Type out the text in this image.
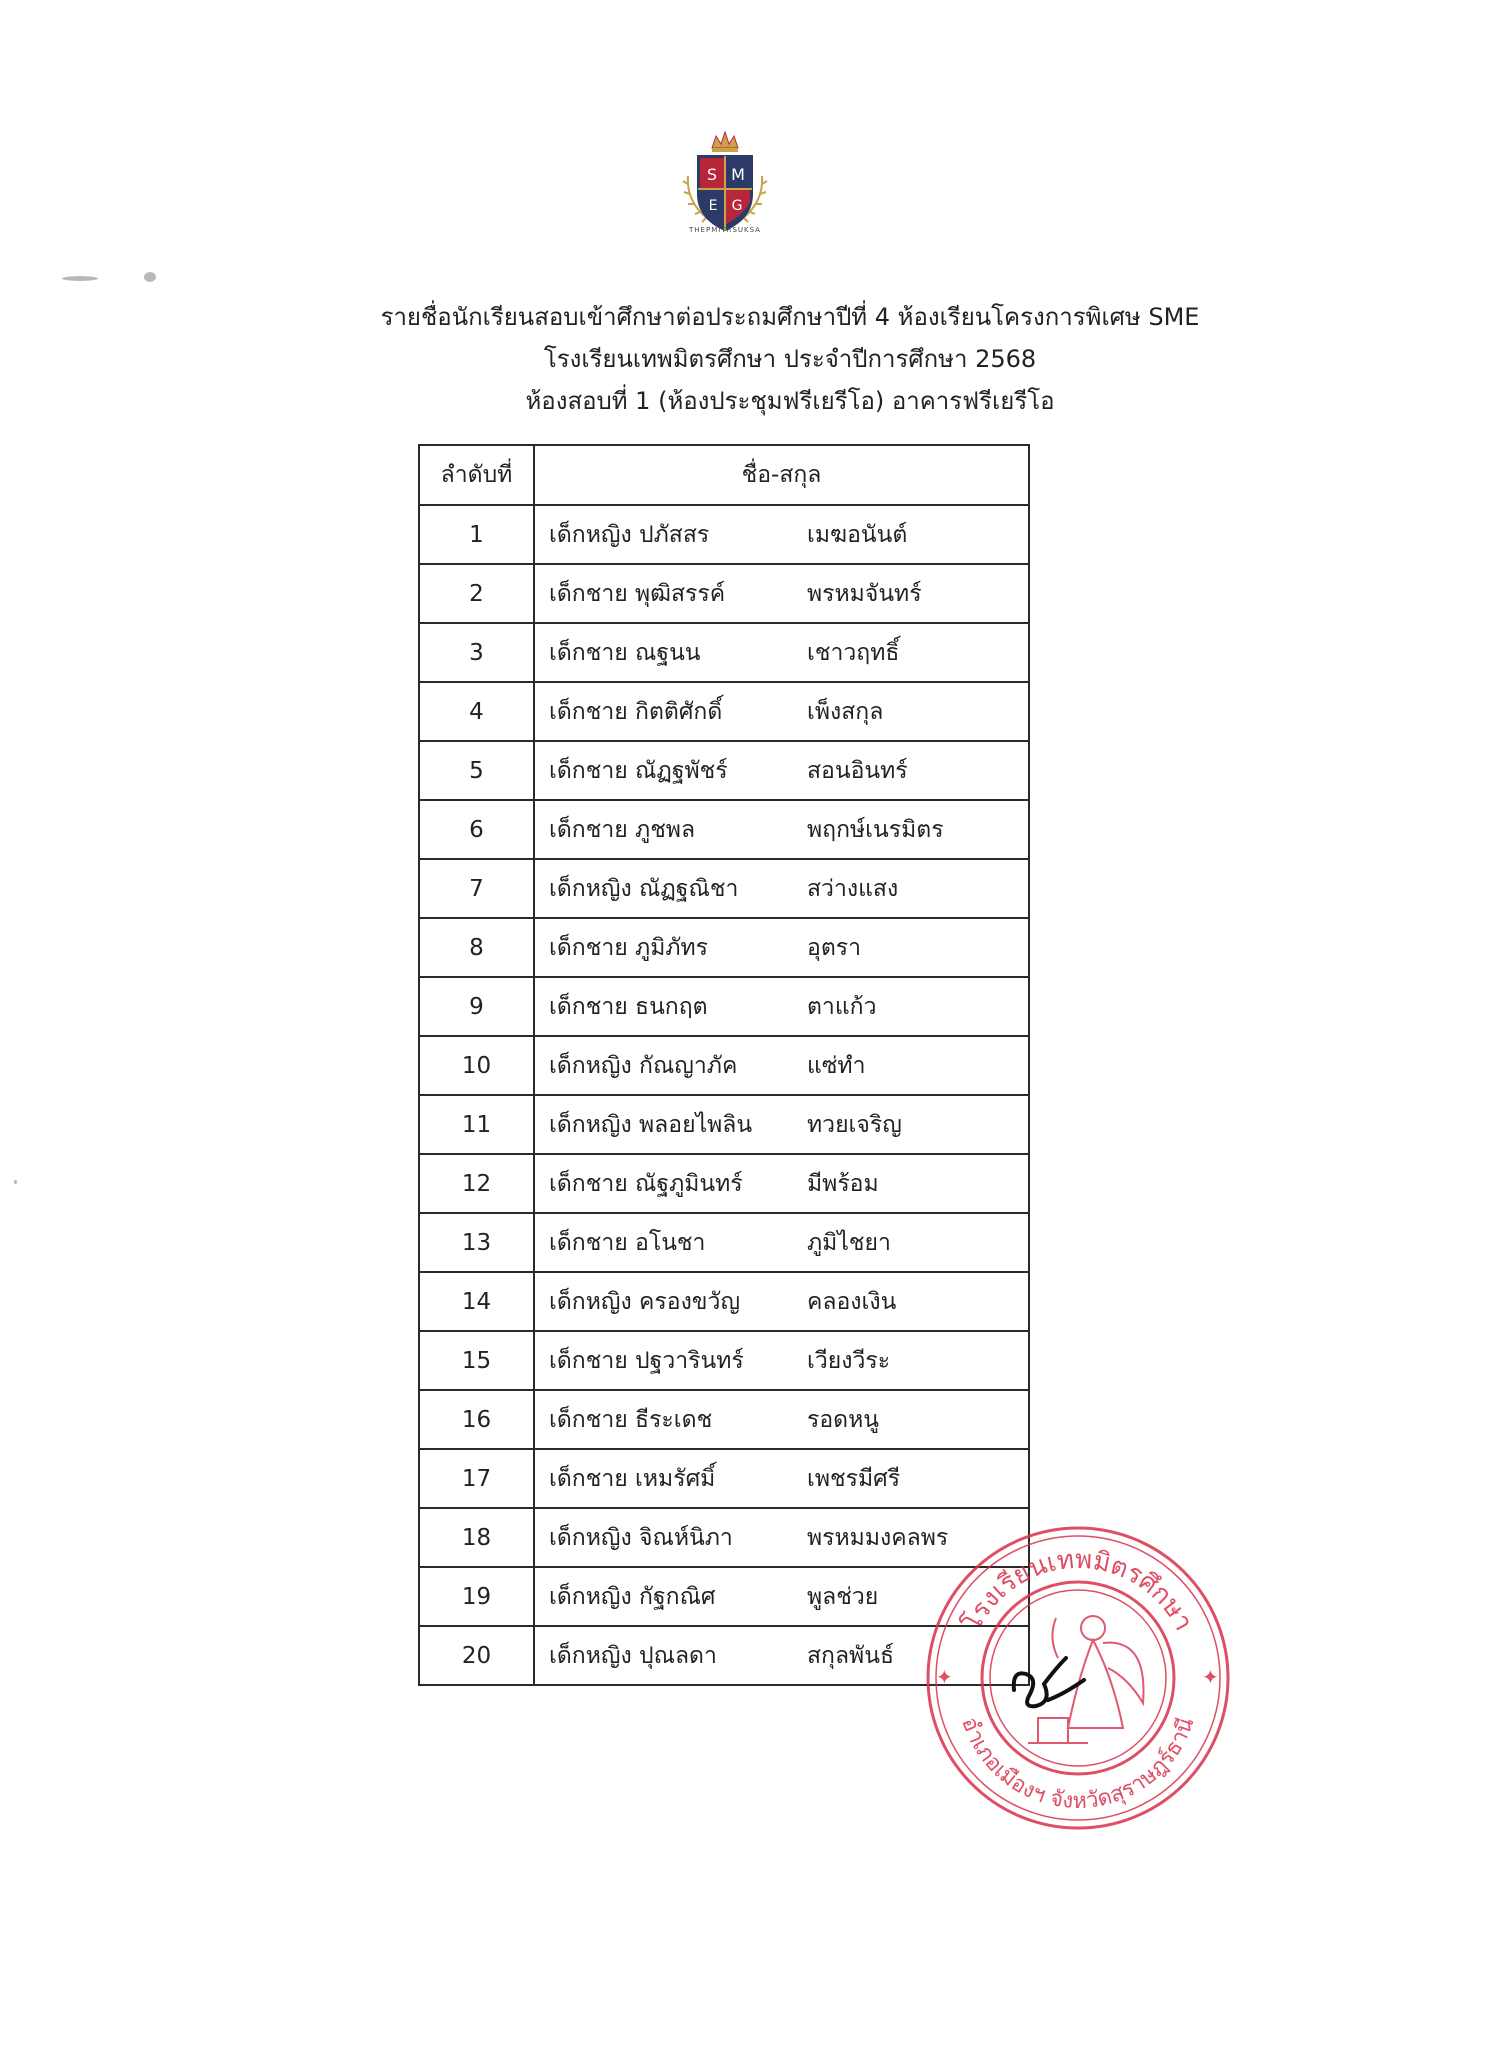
S M
E G
THEPMITRSUKSA
รายชื่อนักเรียนสอบเข้าศึกษาต่อประถมศึกษาปีที่ 4 ห้องเรียนโครงการพิเศษ SME
โรงเรียนเทพมิตรศึกษา ประจำปีการศึกษา 2568
ห้องสอบที่ 1 (ห้องประชุมฟรีเยรีโอ) อาคารฟรีเยรีโอ
ลำดับที่	ชื่อ-สกุล
1	เด็กหญิง ปภัสสร เมฆอนันต์
2	เด็กชาย พุฒิสรรค์ พรหมจันทร์
3	เด็กชาย ณฐนน เชาวฤทธิ์
4	เด็กชาย กิตติศักดิ์ เพ็งสกุล
5	เด็กชาย ณัฏฐพัชร์ สอนอินทร์
6	เด็กชาย ภูชพล พฤกษ์เนรมิตร
7	เด็กหญิง ณัฏฐณิชา สว่างแสง
8	เด็กชาย ภูมิภัทร อุตรา
9	เด็กชาย ธนกฤต ตาแก้ว
10	เด็กหญิง กัณญาภัค แซ่ทำ
11	เด็กหญิง พลอยไพลิน ทวยเจริญ
12	เด็กชาย ณัฐภูมินทร์ มีพร้อม
13	เด็กชาย อโนชา ภูมิไชยา
14	เด็กหญิง ครองขวัญ คลองเงิน
15	เด็กชาย ปฐวารินทร์ เวียงวีระ
16	เด็กชาย ธีระเดช รอดหนู
17	เด็กชาย เหมรัศมิ์ เพชรมีศรี
18	เด็กหญิง จิณห์นิภา พรหมมงคลพร
19	เด็กหญิง กัฐกณิศ พูลช่วย
20	เด็กหญิง ปุณลดา สกุลพันธ์
โรงเรียนเทพมิตรศึกษา
อำเภอเมืองฯ จังหวัดสุราษฎร์ธานี
✦	✦
